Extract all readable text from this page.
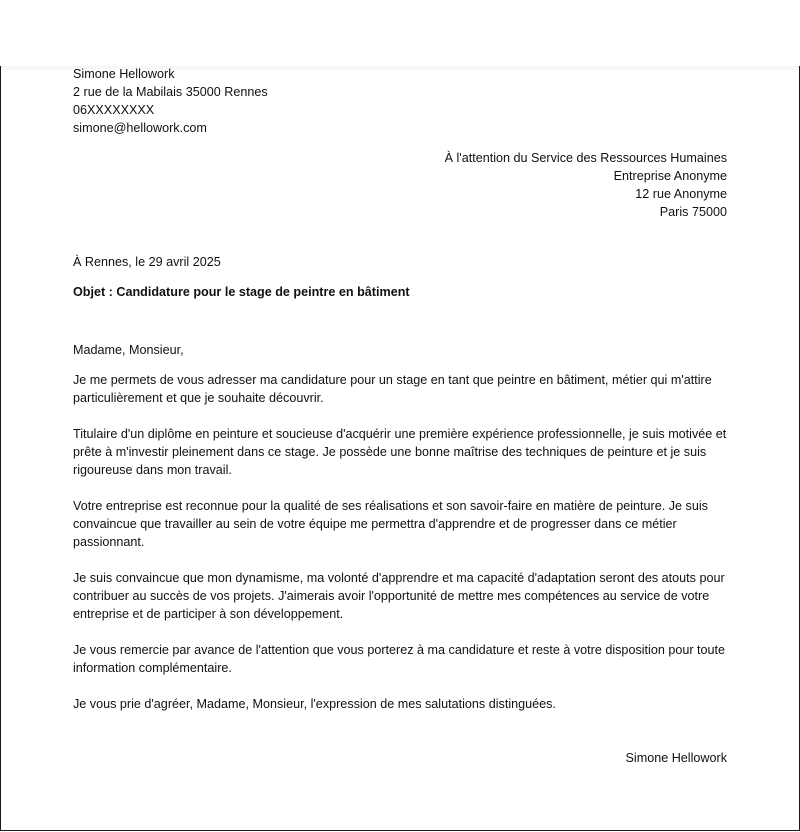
Simone Hellowork
2 rue de la Mabilais 35000 Rennes
06XXXXXXXX
simone@hellowork.com
À l'attention du Service des Ressources Humaines
Entreprise Anonyme
12 rue Anonyme
Paris 75000
À Rennes, le 29 avril 2025
Objet : Candidature pour le stage de peintre en bâtiment
Madame, Monsieur,
Je me permets de vous adresser ma candidature pour un stage en tant que peintre en bâtiment, métier qui m'attire particulièrement et que je souhaite découvrir.
Titulaire d'un diplôme en peinture et soucieuse d'acquérir une première expérience professionnelle, je suis motivée et prête à m'investir pleinement dans ce stage. Je possède une bonne maîtrise des techniques de peinture et je suis rigoureuse dans mon travail.
Votre entreprise est reconnue pour la qualité de ses réalisations et son savoir-faire en matière de peinture. Je suis convaincue que travailler au sein de votre équipe me permettra d'apprendre et de progresser dans ce métier passionnant.
Je suis convaincue que mon dynamisme, ma volonté d'apprendre et ma capacité d'adaptation seront des atouts pour contribuer au succès de vos projets. J'aimerais avoir l'opportunité de mettre mes compétences au service de votre entreprise et de participer à son développement.
Je vous remercie par avance de l'attention que vous porterez à ma candidature et reste à votre disposition pour toute information complémentaire.
Je vous prie d'agréer, Madame, Monsieur, l'expression de mes salutations distinguées.
Simone Hellowork
